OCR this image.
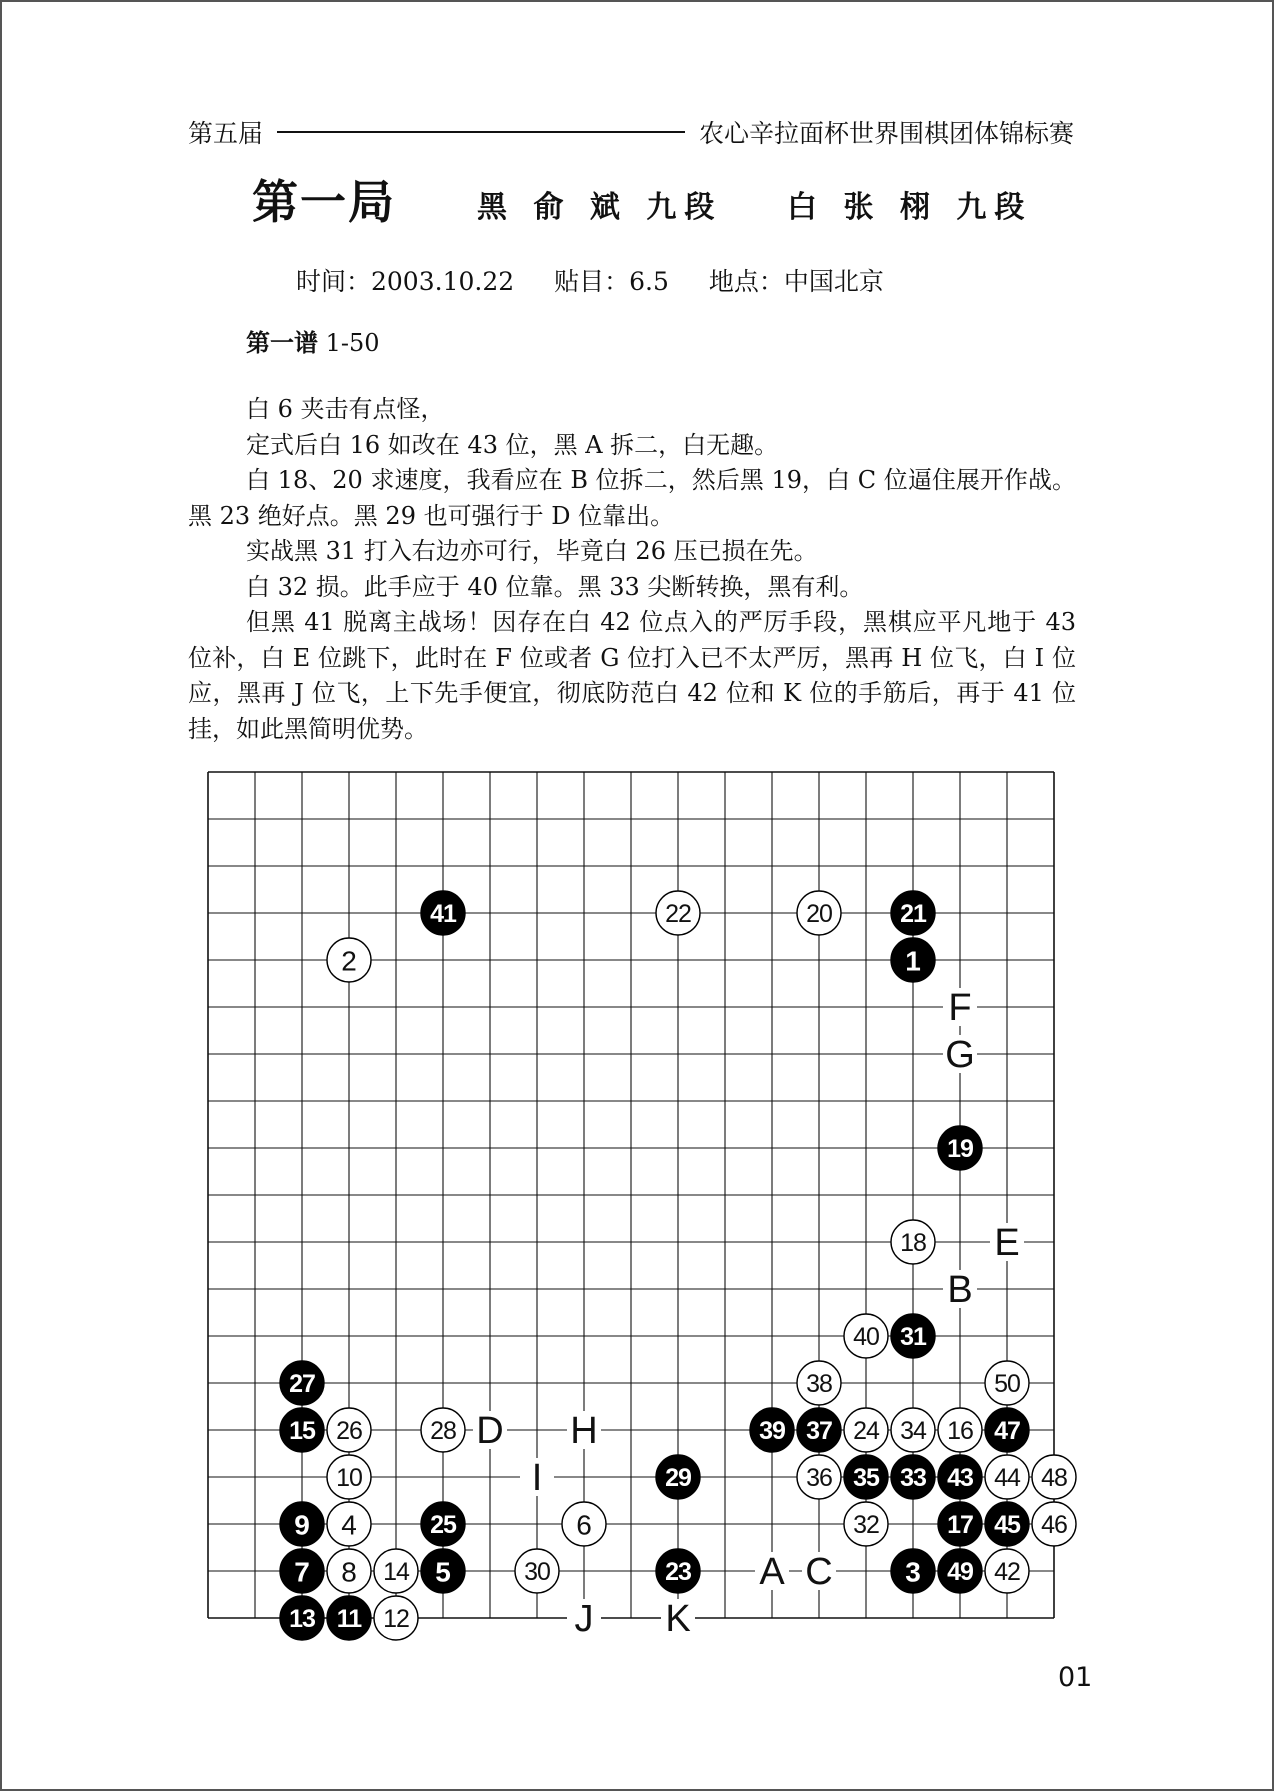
第五届	农心辛拉面杯世界围棋团体锦标赛
第一局	黑 俞 斌 九段 白 张 栩 九段
时间：2003.10.22 贴目：6.5 地点：中国北京
第一谱 1-50

白 6 夹击有点怪，

定式后白 16 如改在 43 位，黑 A 拆二，白无趣。

白 18、20 求速度，我看应在 B 位拆二，然后黑 19，白 C 位逼住展开作战。黑 23 绝好点。黑 29 也可强行于 D 位靠出。

实战黑 31 打入右边亦可行，毕竟白 26 压已损在先。

白 32 损。此手应于 40 位靠。黑 33 尖断转换，黑有利。

但黑 41 脱离主战场！因存在白 42 位点入的严厉手段，黑棋应平凡地于 43 位补，白 E 位跳下，此时在 F 位或者 G 位打入已不太严厉，黑再 H 位飞，白 I 位应，黑再 J 位飞，上下先手便宜，彻底防范白 42 位和 K 位的手筋后，再于 41 位挂，如此黑简明优势。

F
G
E
B
D H
I
A C
J K
41	22	20	21
2	1
19
18
40 31
27	38	50
15 26	28	39 37 24 34 16 47
10	29	36 35 33 43 44 48
9 4	25	6	32	17 45 46
7 8 14 5	30	23	3 49 42
13 11 12
01
